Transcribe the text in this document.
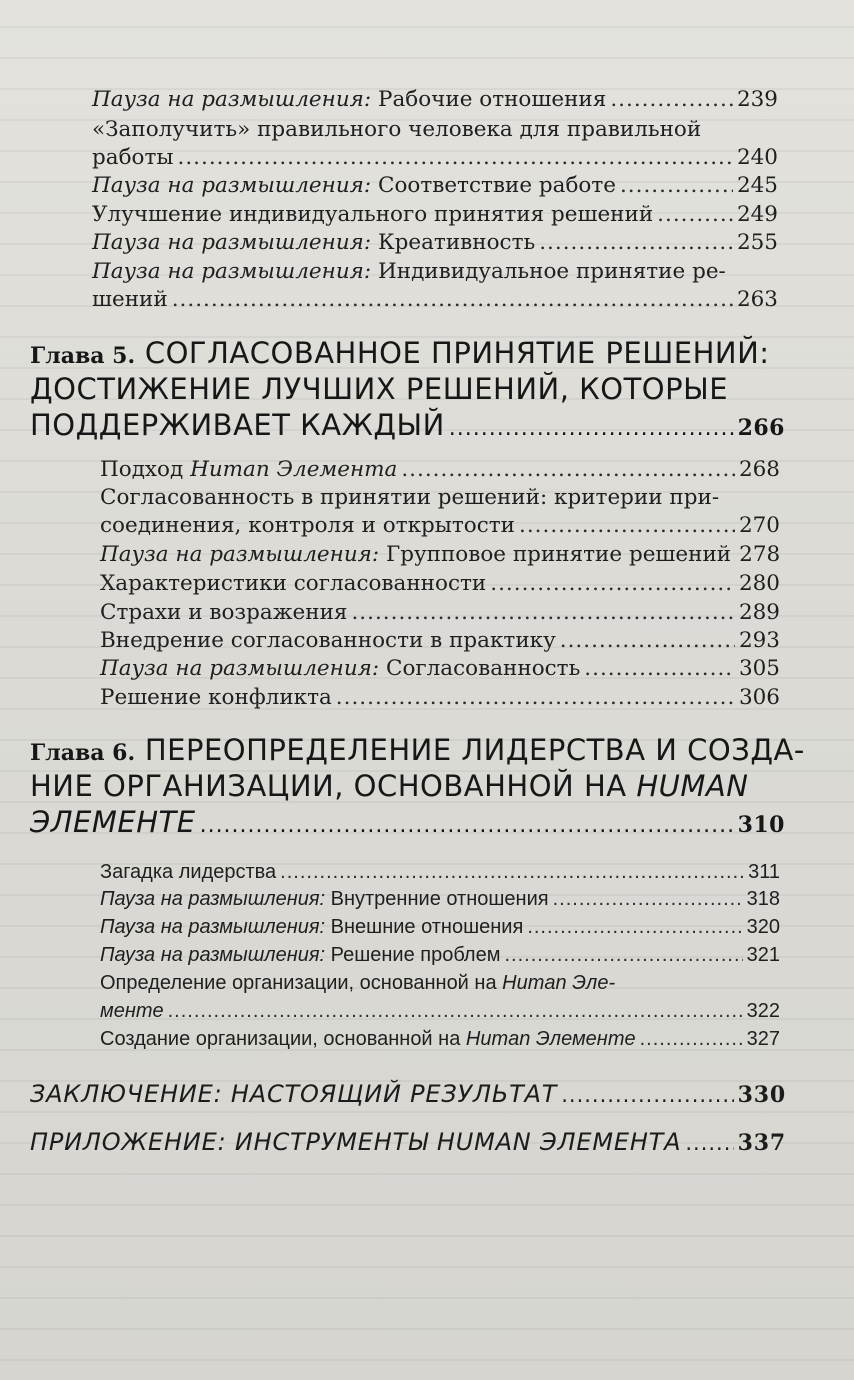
Пауза на размышления: Рабочие отношения .....	239
«Заполучить» правильного человека для правильной
работы .....	240
Пауза на размышления: Соответствие работе .....	245
Улучшение индивидуального принятия решений .....	249
Пауза на размышления: Креативность .....	255
Пауза на размышления: Индивидуальное принятие ре-
шений .....	263
Глава 5. СОГЛАСОВАННОЕ ПРИНЯТИЕ РЕШЕНИЙ:
ДОСТИЖЕНИЕ ЛУЧШИХ РЕШЕНИЙ, КОТОРЫЕ
ПОДДЕРЖИВАЕТ КАЖДЫЙ .....	266
Подход Human Элемента .....	268
Согласованность в принятии решений: критерии при-
соединения, контроля и открытости .....	270
Пауза на размышления: Групповое принятие решений 278
Характеристики согласованности .....	280
Страхи и возражения .....	289
Внедрение согласованности в практику .....	293
Пауза на размышления: Согласованность .....	305
Решение конфликта .....	306
Глава 6. ПЕРЕОПРЕДЕЛЕНИЕ ЛИДЕРСТВА И СОЗДА-
НИЕ ОРГАНИЗАЦИИ, ОСНОВАННОЙ НА HUMAN
ЭЛЕМЕНТЕ .....	310
Загадка лидерства .....	311
Пауза на размышления: Внутренние отношения .....	318
Пауза на размышления: Внешние отношения .....	320
Пауза на размышления: Решение проблем .....	321
Определение организации, основанной на Human Эле-
менте .....	322
Создание организации, основанной на Human Элементе .....	327
ЗАКЛЮЧЕНИЕ: НАСТОЯЩИЙ РЕЗУЛЬТАТ .....	330
ПРИЛОЖЕНИЕ: ИНСТРУМЕНТЫ HUMAN ЭЛЕМЕНТА .....	337
